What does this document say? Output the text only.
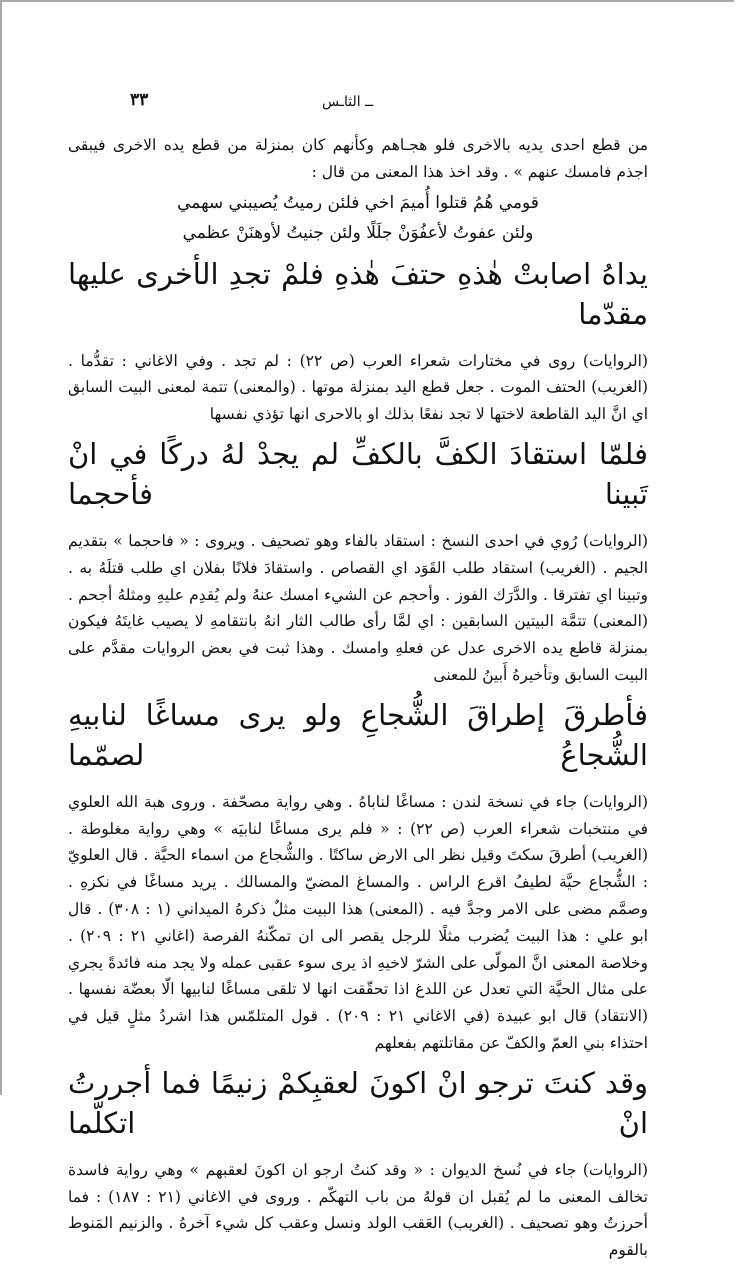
٣٣	ــ الثاـس

من قطع احدى يديه بالاخرى فلو هجـاهم وكأنهم كان بمنزلة من قطع يده الاخرى فيبقى اجذم فامسك عنهم » . وقد اخذ هذا المعنى من قال :

قومي هُمُ قتلوا أُميمَ اخي فلئن رميتُ يُصيبني سهمي

ولئن عفوتُ لأعفُوَنْ جلَلًا ولئن جنيتُ لأوهنَنْ عظمي

يداهُ اصابتْ هٰذهِ حتفَ هٰذهِ فلمْ تجدِ الأخرى عليها مقدّما

(الروايات) روى في مختارات شعراء العرب (ص ٢٢) : لم تجد . وفي الاغاني : تقدُّما . (الغريب) الحتف الموت . جعل قطع اليد بمنزلة موتها . (والمعنى) تتمة لمعنى البيت السابق اي انَّ اليد القاطعة لاختها لا تجد نفعًا بذلك او بالاحرى انها تؤذي نفسها

فلمّا استقادَ الكفَّ بالكفِّ لم يجدْ لهُ دركًا في انْ تَبينا فأحجما

(الروايات) رُوي في احدى النسخ : استقاد بالفاء وهو تصحيف . ويروى : « فاحجما » بتقديم الجيم . (الغريب) استقاد طلب القَوَد اي القصاص . واستقادَ فلانًا بفلان اي طلب قتلَهُ به . وتبينا اي تفترقا . والدَّرَك الفوز . وأحجم عن الشيء امسك عنهُ ولم يُقدِم عليهِ ومثلهُ أجحم . (المعنى) تتمَّة البيتين السابقين : اي لمَّا رأى طالب الثار انهُ بانتقامهِ لا يصيب غايتَهُ فيكون بمنزلة قاطع يده الاخرى عدل عن فعلهِ وامسك . وهذا ثبت في بعض الروايات مقدَّم على البيت السابق وتأخيرهُ أَبينُ للمعنى

فأطرقَ إطراقَ الشُّجاعِ ولو يرى مساغًا لنابيهِ الشُّجاعُ لصمّما

(الروايات) جاء في نسخة لندن : مساغًا لناباهُ . وهي رواية مصحّفة . وروى هبة الله العلوي في منتخبات شعراء العرب (ص ٢٢) : « فلم يرى مساغًا لنابيَه » وهي رواية مغلوطة . (الغريب) أطرقَ سكتَ وقيل نظر الى الارض ساكتًا . والشُّجاع من اسماء الحيَّة . قال العلويّ : الشُّجاع حيَّة لطيفُ اقرع الراس . والمساغ المضيّ والمسالك . يريد مساغًا في نكزهِ . وصمَّم مضى على الامر وجدَّ فيه . (المعنى) هذا البيت مثلٌ ذكرهُ الميداني (١ : ٣٠٨) . قال ابو علي : هذا البيت يُضرب مثلًا للرجل يقصر الى ان تمكّنهُ الفرصة (اغاني ٢١ : ٢٠٩) . وخلاصة المعنى انَّ المولّى على الشرّ لاخيهِ اذ يرى سوء عقبى عمله ولا يجد منه فائدةً يجري على مثال الحيَّة التي تعدل عن اللدغ اذا تحقّقت انها لا تلقى مساغًا لنابيها الّا بعضّة نفسها . (الانتقاد) قال ابو عبيدة (في الاغاني ٢١ : ٢٠٩) . قول المتلمّس هذا اشردُ مثلٍ قيل في احتذاء بني العمّ والكفّ عن مقاتلتهم بفعلهم

وقد كنتَ ترجو انْ اكونَ لعقبِكمْ زنيمًا فما أجررتُ انْ اتكلّما

(الروايات) جاء في نُسخ الديوان : « وقد كنتُ ارجو ان اكونَ لعقبهم » وهي رواية فاسدة تخالف المعنى ما لم يُقبل ان قولهُ من باب التهكّم . وروى في الاغاني (٢١ : ١٨٧) : فما أحرزتُ وهو تصحيف . (الغريب) العَقب الولد ونسل وعقب كل شيء آخرهُ . والزنيم المَنوط بالقوم
